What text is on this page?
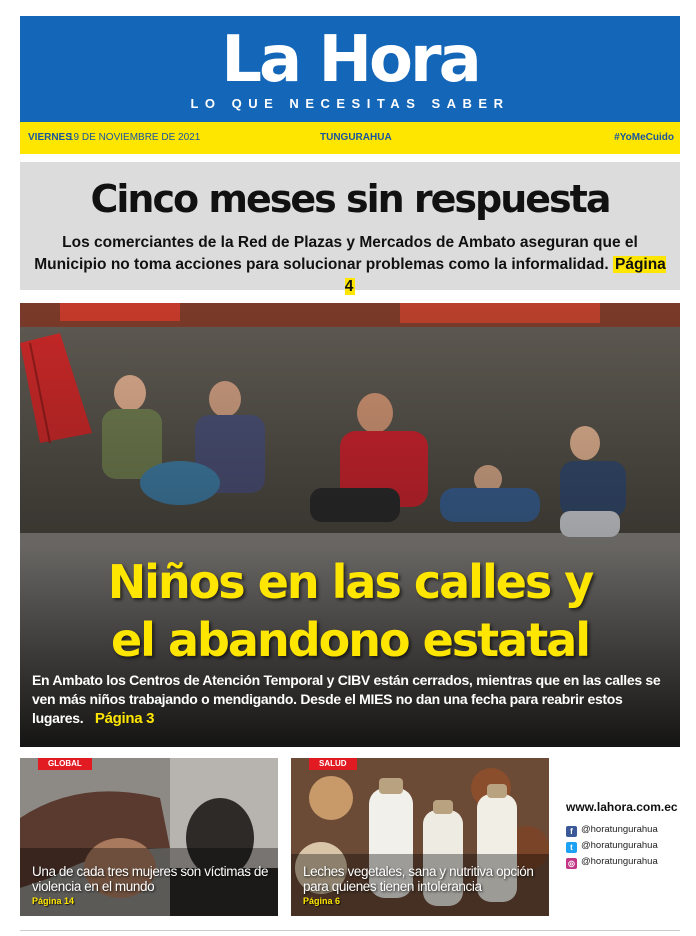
La Hora
LO QUE NECESITAS SABER
VIERNES
19 DE NOVIEMBRE DE 2021	TUNGURAHUA	#YoMeCuido
Cinco meses sin respuesta
Los comerciantes de la Red de Plazas y Mercados de Ambato aseguran que el Municipio no toma acciones para solucionar problemas como la informalidad. Página 4
Niños en las calles y
el abandono estatal
En Ambato los Centros de Atención Temporal y CIBV están cerrados, mientras que en las calles se ven más niños trabajando o mendigando. Desde el MIES no dan una fecha para reabrir estos lugares. Página 3
GLOBAL
Una de cada tres mujeres son víctimas de violencia en el mundo
Página 14
SALUD
Leches vegetales, sana y nutritiva opción para quienes tienen intolerancia
Página 6
www.lahora.com.ec
f @horatungurahua
t @horatungurahua
◎ @horatungurahua
